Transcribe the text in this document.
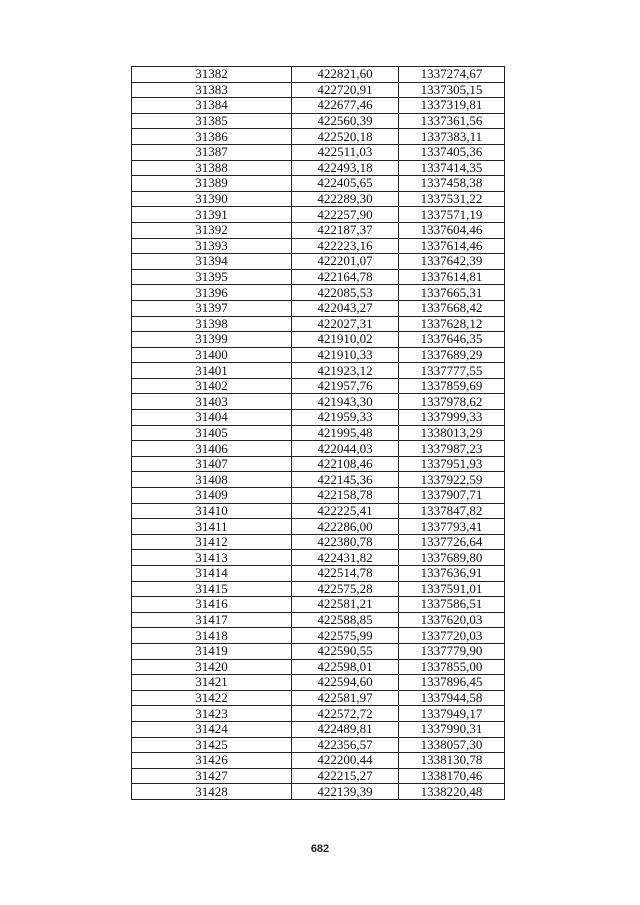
31382	422821,60	1337274,67
31383	422720,91	1337305,15
31384	422677,46	1337319,81
31385	422560,39	1337361,56
31386	422520,18	1337383,11
31387	422511,03	1337405,36
31388	422493,18	1337414,35
31389	422405,65	1337458,38
31390	422289,30	1337531,22
31391	422257,90	1337571,19
31392	422187,37	1337604,46
31393	422223,16	1337614,46
31394	422201,07	1337642,39
31395	422164,78	1337614,81
31396	422085,53	1337665,31
31397	422043,27	1337668,42
31398	422027,31	1337628,12
31399	421910,02	1337646,35
31400	421910,33	1337689,29
31401	421923,12	1337777,55
31402	421957,76	1337859,69
31403	421943,30	1337978,62
31404	421959,33	1337999,33
31405	421995,48	1338013,29
31406	422044,03	1337987,23
31407	422108,46	1337951,93
31408	422145,36	1337922,59
31409	422158,78	1337907,71
31410	422225,41	1337847,82
31411	422286,00	1337793,41
31412	422380,78	1337726,64
31413	422431,82	1337689,80
31414	422514,78	1337636,91
31415	422575,28	1337591,01
31416	422581,21	1337586,51
31417	422588,85	1337620,03
31418	422575,99	1337720,03
31419	422590,55	1337779,90
31420	422598,01	1337855,00
31421	422594,60	1337896,45
31422	422581,97	1337944,58
31423	422572,72	1337949,17
31424	422489,81	1337990,31
31425	422356,57	1338057,30
31426	422200,44	1338130,78
31427	422215,27	1338170,46
31428	422139,39	1338220,48
682
